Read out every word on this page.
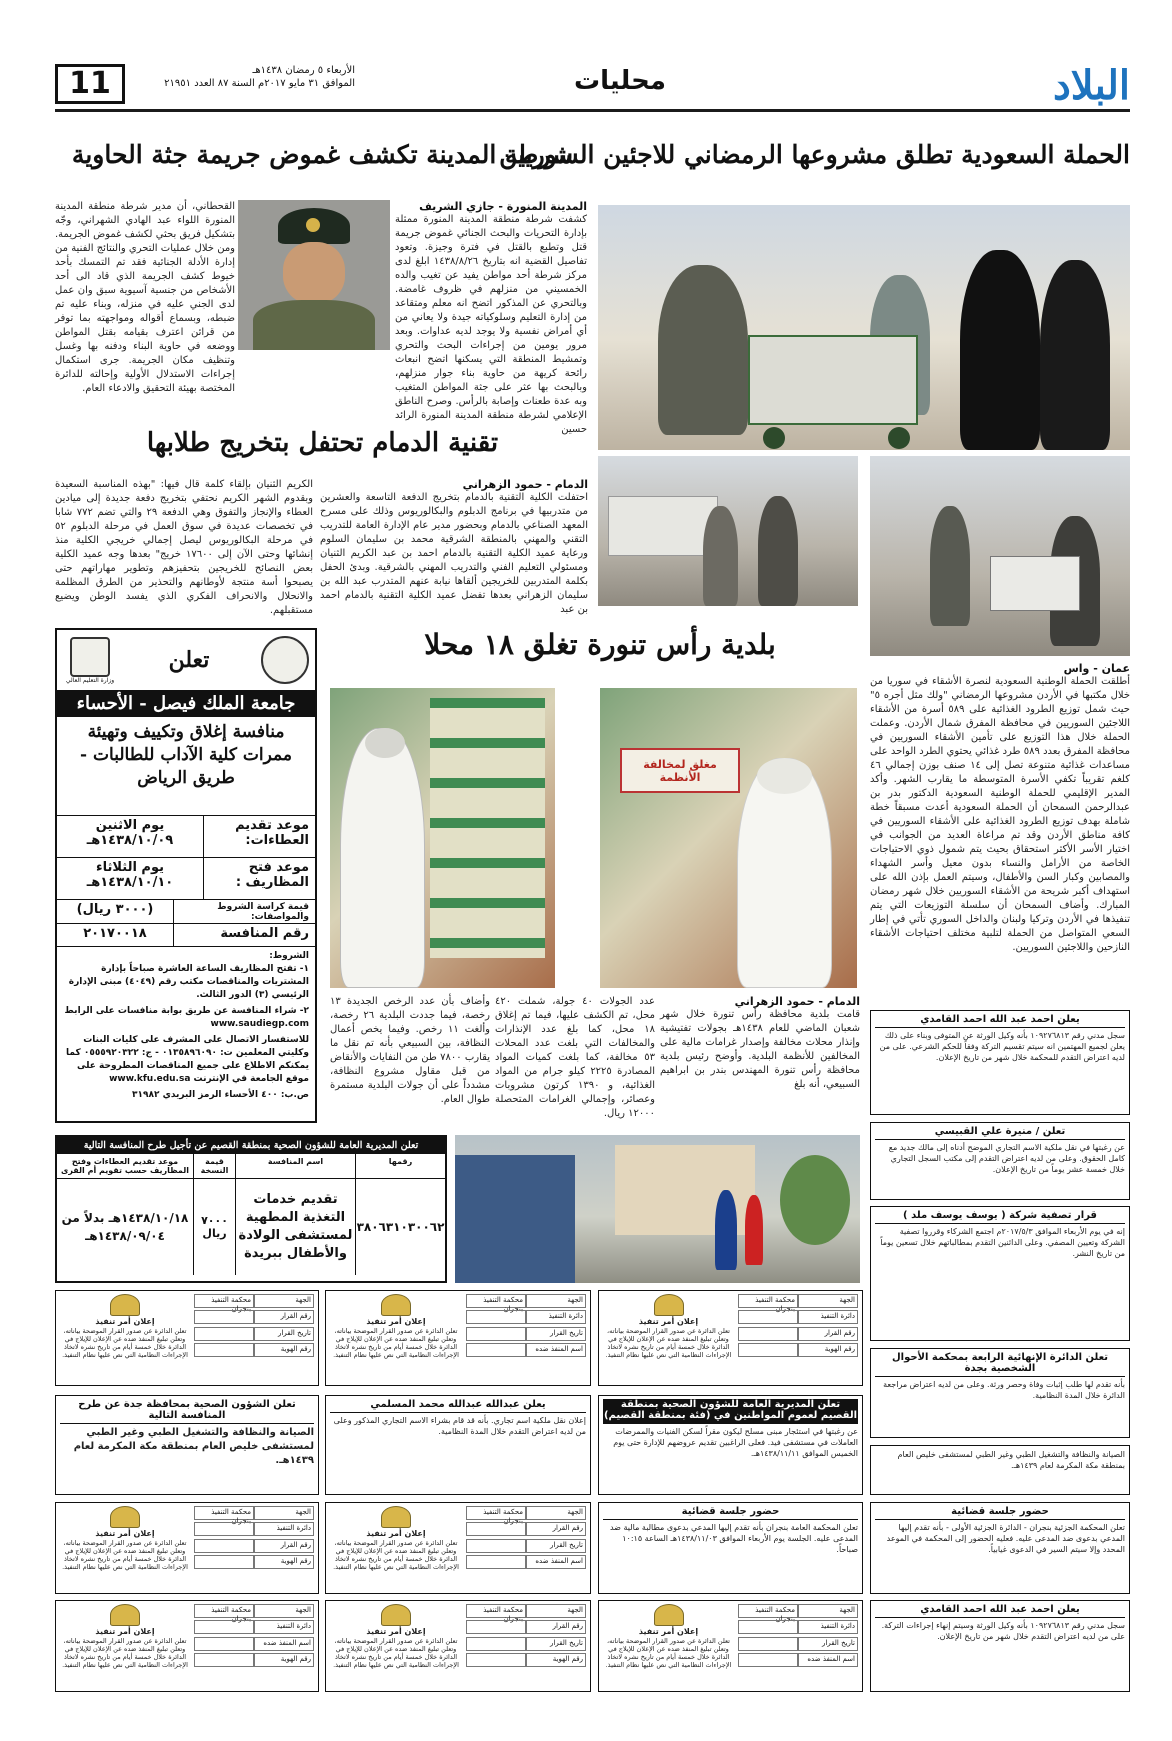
البلاد
محليات
الأربعاء ٥ رمضان ١٤٣٨هـ
الموافق ٣١ مايو ٢٠١٧م السنة ٨٧ العدد ٢١٩٥١
11
الحملة السعودية تطلق مشروعها الرمضاني للاجئين السوريين
عمان - واس
أطلقت الحملة الوطنية السعودية لنصرة الأشقاء في سوريا من خلال مكتبها في الأردن مشروعها الرمضاني "ولك مثل أجره ٥" حيث شمل توزيع الطرود الغذائية على ٥٨٩ أسرة من الأشقاء اللاجئين السوريين في محافظة المفرق شمال الأردن. وعملت الحملة خلال هذا التوزيع على تأمين الأشقاء السوريين في محافظة المفرق بعدد ٥٨٩ طرد غذائي يحتوي الطرد الواحد على مساعدات غذائية متنوعة تصل إلى ١٤ صنف بوزن إجمالي ٤٦ كلغم تقريباً تكفي الأسرة المتوسطة ما يقارب الشهر. وأكد المدير الإقليمي للحملة الوطنية السعودية الدكتور بدر بن عبدالرحمن السمحان أن الحملة السعودية أعدت مسبقاً خطة شاملة بهدف توزيع الطرود الغذائية على الأشقاء السوريين في كافة مناطق الأردن وقد تم مراعاة العديد من الجوانب في اختيار الأسر الأكثر استحقاق بحيث يتم شمول ذوي الاحتياجات الخاصة من الأرامل والنساء بدون معيل وأسر الشهداء والمصابين وكبار السن والأطفال، وسيتم العمل بإذن الله على استهداف أكبر شريحة من الأشقاء السوريين خلال شهر رمضان المبارك. وأضاف السمحان أن سلسلة التوزيعات التي يتم تنفيذها في الأردن وتركيا ولبنان والداخل السوري تأتي في إطار السعي المتواصل من الحملة لتلبية مختلف احتياجات الأشقاء النازحين واللاجئين السوريين.
شرطة المدينة تكشف غموض جريمة جثة الحاوية
المدينة المنورة - جازي الشريف
كشفت شرطة منطقة المدينة المنورة ممثلة بإدارة التحريات والبحث الجنائي غموض جريمة قتل وتطبع بالقتل في فترة وجيزة. وتعود تفاصيل القضية انه بتاريخ ١٤٣٨/٨/٢٦ ابلغ لدى مركز شرطة أحد مواطن يفيد عن تغيب والده الخمسيني من منزلهم في ظروف غامضة. وبالتحري عن المذكور اتضح انه معلم ومتقاعد من إدارة التعليم وسلوكياته جيدة ولا يعاني من أي أمراض نفسية ولا يوجد لديه عداوات. وبعد مرور يومين من إجراءات البحث والتحري وتمشيط المنطقة التي يسكنها اتضح انبعاث رائحة كريهة من حاوية بناء جوار منزلهم، وبالبحث بها عثر على جثة المواطن المتغيب وبه عدة طعنات وإصابة بالرأس. وصرح الناطق الإعلامي لشرطة منطقة المدينة المنورة الرائد حسين
القحطاني، أن مدير شرطة منطقة المدينة المنورة اللواء عبد الهادي الشهراني، وجّه بتشكيل فريق بحثي لكشف غموض الجريمة. ومن خلال عمليات التحري والنتائج الفنية من إدارة الأدلة الجنائية فقد تم التمسك بأحد خيوط كشف الجريمة الذي قاد الى أحد الأشخاص من جنسية آسيوية سبق وان عمل لدى الجني عليه في منزله، وبناء عليه تم ضبطه، وبسماع أقواله ومواجهته بما توفر من قرائن اعترف بقيامه بقتل المواطن ووضعه في حاوية البناء ودفنه بها وغسل وتنظيف مكان الجريمة. جرى استكمال إجراءات الاستدلال الأولية وإحالته للدائرة المختصة بهيئة التحقيق والادعاء العام.
تقنية الدمام تحتفل بتخريج طلابها
الدمام - حمود الزهراني
احتفلت الكلية التقنية بالدمام بتخريج الدفعة التاسعة والعشرين من متدربيها في برنامج الدبلوم والبكالوريوس وذلك على مسرح المعهد الصناعي بالدمام وبحضور مدير عام الإدارة العامة للتدريب التقني والمهني بالمنطقة الشرقية محمد بن سليمان السلوم ورعاية عميد الكلية التقنية بالدمام احمد بن عبد الكريم الثنيان ومسئولي التعليم الفني والتدريب المهني بالشرقية. وبدئ الحفل بكلمة المتدربين للخريجين ألقاها نيابة عنهم المتدرب عبد الله بن سليمان الزهراني بعدها تفضل عميد الكلية التقنية بالدمام احمد بن عبد
الكريم الثنيان بإلقاء كلمة قال فيها: "بهذه المناسبة السعيدة وبقدوم الشهر الكريم نحتفي بتخريج دفعة جديدة إلى ميادين العطاء والإنجاز والتفوق وهي الدفعة ٢٩ والتي تضم ٧٧٢ شابا في تخصصات عديدة في سوق العمل في مرحلة الدبلوم ٥٢ في مرحلة البكالوريوس ليصل إجمالي خريجي الكلية منذ إنشائها وحتى الآن إلى ١٧٦٠٠ خريج" بعدها وجه عميد الكلية بعض النصائح للخريجين بتحفيزهم وتطوير مهاراتهم حتى يصبحوا أسة منتجة لأوطانهم والتحذير من الطرق المظلمة والانحلال والانحراف الفكري الذي يفسد الوطن ويضيع مستقبلهم.
بلدية رأس تنورة تغلق ١٨ محلا
مغلق لمخالفة الأنظمة
الدمام - حمود الزهراني
قامت بلدية محافظة رأس تنورة خلال شهر شعبان الماضي للعام ١٤٣٨هـ بجولات تفتيشية وإنذار محلات مخالفة وإصدار غرامات مالية على المخالفين للأنظمة البلدية. وأوضح رئيس بلدية محافظة رأس تنورة المهندس بندر بن ابراهيم السبيعي، أنه بلغ
عدد الجولات ٤٠ جولة، شملت ٤٢٠ محل، تم الكشف عليها، فيما تم إغلاق ١٨ محل، كما بلغ عدد الإنذارات والمخالفات التي بلغت عدد المحلات ٥٣ مخالفة، كما بلغت كميات المواد المصادرة ٢٢٢٥ كيلو جرام من المواد الغذائية، و ١٣٩٠ كرتون مشروبات وعصائر، وإجمالي الغرامات المتحصلة ١٢٠٠٠ ريال.
وأضاف بأن عدد الرخص الجديدة ١٣ رخصة، فيما جددت البلدية ٢٦ رخصة، وألغت ١١ رخص. وفيما يخص أعمال النظافة، بين السبيعي بأنه تم نقل ما يقارب ٧٨٠٠ طن من النفايات والأنقاض من قبل مقاول مشروع النظافة، مشدداً على أن جولات البلدية مستمرة طوال العام.
تعلن
وزارة التعليم العالي
جامعة الملك فيصل - الأحساء
منافسة إغلاق وتكييف وتهيئة ممرات كلية الآداب للطالبات - طريق الرياض
موعد تقديم العطاءات:
يوم الاثنين ١٤٣٨/١٠/٠٩هـ
موعد فتح المظاريف :
يوم الثلاثاء ١٤٣٨/١٠/١٠هـ
قيمة كراسة الشروط والمواصفات:
(٣٠٠٠ ريال)
رقم المنافسة
٢٠١٧٠٠١٨
الشروط:
١- تفتح المظاريف الساعة العاشرة صباحاً بإدارة المشتريات والمناقصات مكتب رقم (٤٠٤٩) مبنى الإدارة الرئيسي (٣) الدور الثالث.
٢- شراء المنافسة عن طريق بوابة منافسات على الرابط www.saudiegp.com
للاستفسار الاتصال على المشرف على كليات البنات وكليتي المعلمين ت: ٠١٣٥٨٩٦٠٩٠ - ج: ٠٥٥٥٩٢٠٣٢٢ كما يمكنكم الاطلاع على جميع المناقصات المطروحة على موقع الجامعة في الإنترنت www.kfu.edu.sa
ص.ب: ٤٠٠ الأحساء الرمز البريدي ٣١٩٨٢
تعلن المديرية العامة للشؤون الصحية بمنطقة القصيم عن تأجيل طرح المنافسة التالية
رقمها
اسم المنافسة
قيمة النسخة
موعد تقديم العطاءات وفتح المظاريف حسب تقويم أم القرى
٣٨٠٦٣١٠٣٠٠٦٢
تقديم خدمات التغذية المطهية لمستشفى الولادة والأطفال ببريدة
٧٠٠٠ ريال
١٤٣٨/١٠/١٨هـ بدلاً من ١٤٣٨/٠٩/٠٤هـ
يعلن احمد عبد الله احمد القامدي
سجل مدني رقم ١٠٩٢٧٦٨١٣ بأنه وكيل الورثة عن المتوفى وبناء على ذلك يعلن لجميع المهتمين انه سيتم تقسيم التركة وفقاً للحكم الشرعي. على من لديه اعتراض التقدم للمحكمة خلال شهر من تاريخ الإعلان.
تعلن / منيرة علي القبيسي
عن رغبتها في نقل ملكية الاسم التجاري الموضح أدناه إلى مالك جديد مع كامل الحقوق. وعلى من لديه اعتراض التقدم إلى مكتب السجل التجاري خلال خمسة عشر يوماً من تاريخ الإعلان.
قرار تصفية شركة ( يوسف يوسف ملد )
إنه في يوم الأربعاء الموافق ٢٠١٧/٥/٣م اجتمع الشركاء وقرروا تصفية الشركة وتعيين المصفي. وعلى الدائنين التقدم بمطالباتهم خلال تسعين يوماً من تاريخ النشر.
تعلن الدائرة الإنهائية الرابعة بمحكمة الأحوال الشخصية بجدة
بأنه تقدم لها طلب إثبات وفاة وحصر ورثة. وعلى من لديه اعتراض مراجعة الدائرة خلال المدة النظامية.
الجهة
محكمة التنفيذ بنجران
دائرة التنفيذ
رقم القرار
رقم الهوية
إعلان أمر تنفيذ
تعلن الدائرة عن صدور القرار الموضحة بياناته، وتعلن تبليغ المنفذ ضده عن الإعلان للإيلاج في الدائرة خلال خمسة أيام من تاريخ نشره لاتخاذ الإجراءات النظامية التي نص عليها نظام التنفيذ.
الجهة
محكمة التنفيذ بنجران
دائرة التنفيذ
تاريخ القرار
اسم المنفذ ضده
إعلان أمر تنفيذ
تعلن الدائرة عن صدور القرار الموضحة بياناته، وتعلن تبليغ المنفذ ضده عن الإعلان للإيلاج في الدائرة خلال خمسة أيام من تاريخ نشره لاتخاذ الإجراءات النظامية التي نص عليها نظام التنفيذ.
الجهة
محكمة التنفيذ بنجران
رقم القرار
تاريخ القرار
رقم الهوية
إعلان أمر تنفيذ
تعلن الدائرة عن صدور القرار الموضحة بياناته، وتعلن تبليغ المنفذ ضده عن الإعلان للإيلاج في الدائرة خلال خمسة أيام من تاريخ نشره لاتخاذ الإجراءات النظامية التي نص عليها نظام التنفيذ.
تعلن المديرية العامة للشؤون الصحية بمنطقة القصيم لعموم المواطنين في (فئة بمنطقة القصيم)
عن رغبتها في استئجار مبنى مسلح ليكون مقراً لسكن الفنيات والممرضات العاملات في مستشفى فيد. فعلى الراغبين تقديم عروضهم للإدارة حتى يوم الخميس الموافق ١٤٣٨/١١/١١هـ.
يعلن عبدالله عبدالله محمد المسلمي
إعلان نقل ملكية اسم تجاري. بأنه قد قام بشراء الاسم التجاري المذكور وعلى من لديه اعتراض التقدم خلال المدة النظامية.
تعلن الشؤون الصحية بمحافظة جدة عن طرح المنافسة التالية
الصيانة والنظافة والتشغيل الطبي وغير الطبي لمستشفى خليص العام بمنطقة مكة المكرمة لعام ١٤٣٩هـ.
الصيانة والنظافة والتشغيل الطبي وغير الطبي لمستشفى خليص العام بمنطقة مكة المكرمة لعام ١٤٣٩هـ.
حضور جلسة قضائية
تعلن المحكمة الجزئية بنجران - الدائرة الجزئية الأولى - بأنه تقدم إليها المدعي بدعوى ضد المدعى عليه. فعليه الحضور إلى المحكمة في الموعد المحدد وإلا سيتم السير في الدعوى غيابياً.
حضور جلسة قضائية
تعلن المحكمة العامة بنجران بأنه تقدم إليها المدعي بدعوى مطالبة مالية ضد المدعى عليه. الجلسة يوم الأربعاء الموافق ١٤٣٨/١١/٠٣هـ الساعة ١٠:١٥ صباحاً.
الجهة
محكمة التنفيذ بنجران
رقم القرار
تاريخ القرار
اسم المنفذ ضده
إعلان أمر تنفيذ
تعلن الدائرة عن صدور القرار الموضحة بياناته، وتعلن تبليغ المنفذ ضده عن الإعلان للإيلاج في الدائرة خلال خمسة أيام من تاريخ نشره لاتخاذ الإجراءات النظامية التي نص عليها نظام التنفيذ.
الجهة
محكمة التنفيذ بنجران
دائرة التنفيذ
رقم القرار
رقم الهوية
إعلان أمر تنفيذ
تعلن الدائرة عن صدور القرار الموضحة بياناته، وتعلن تبليغ المنفذ ضده عن الإعلان للإيلاج في الدائرة خلال خمسة أيام من تاريخ نشره لاتخاذ الإجراءات النظامية التي نص عليها نظام التنفيذ.
يعلن احمد عبد الله احمد القامدي
سجل مدني رقم ١٠٩٢٧٦٨١٣ بأنه وكيل الورثة وسيتم إنهاء إجراءات التركة. على من لديه اعتراض التقدم خلال شهر من تاريخ الإعلان.
الجهة
محكمة التنفيذ بنجران
دائرة التنفيذ
تاريخ القرار
اسم المنفذ ضده
إعلان أمر تنفيذ
تعلن الدائرة عن صدور القرار الموضحة بياناته، وتعلن تبليغ المنفذ ضده عن الإعلان للإيلاج في الدائرة خلال خمسة أيام من تاريخ نشره لاتخاذ الإجراءات النظامية التي نص عليها نظام التنفيذ.
الجهة
محكمة التنفيذ بنجران
رقم القرار
تاريخ القرار
رقم الهوية
إعلان أمر تنفيذ
تعلن الدائرة عن صدور القرار الموضحة بياناته، وتعلن تبليغ المنفذ ضده عن الإعلان للإيلاج في الدائرة خلال خمسة أيام من تاريخ نشره لاتخاذ الإجراءات النظامية التي نص عليها نظام التنفيذ.
الجهة
محكمة التنفيذ بنجران
دائرة التنفيذ
اسم المنفذ ضده
رقم الهوية
إعلان أمر تنفيذ
تعلن الدائرة عن صدور القرار الموضحة بياناته، وتعلن تبليغ المنفذ ضده عن الإعلان للإيلاج في الدائرة خلال خمسة أيام من تاريخ نشره لاتخاذ الإجراءات النظامية التي نص عليها نظام التنفيذ.
